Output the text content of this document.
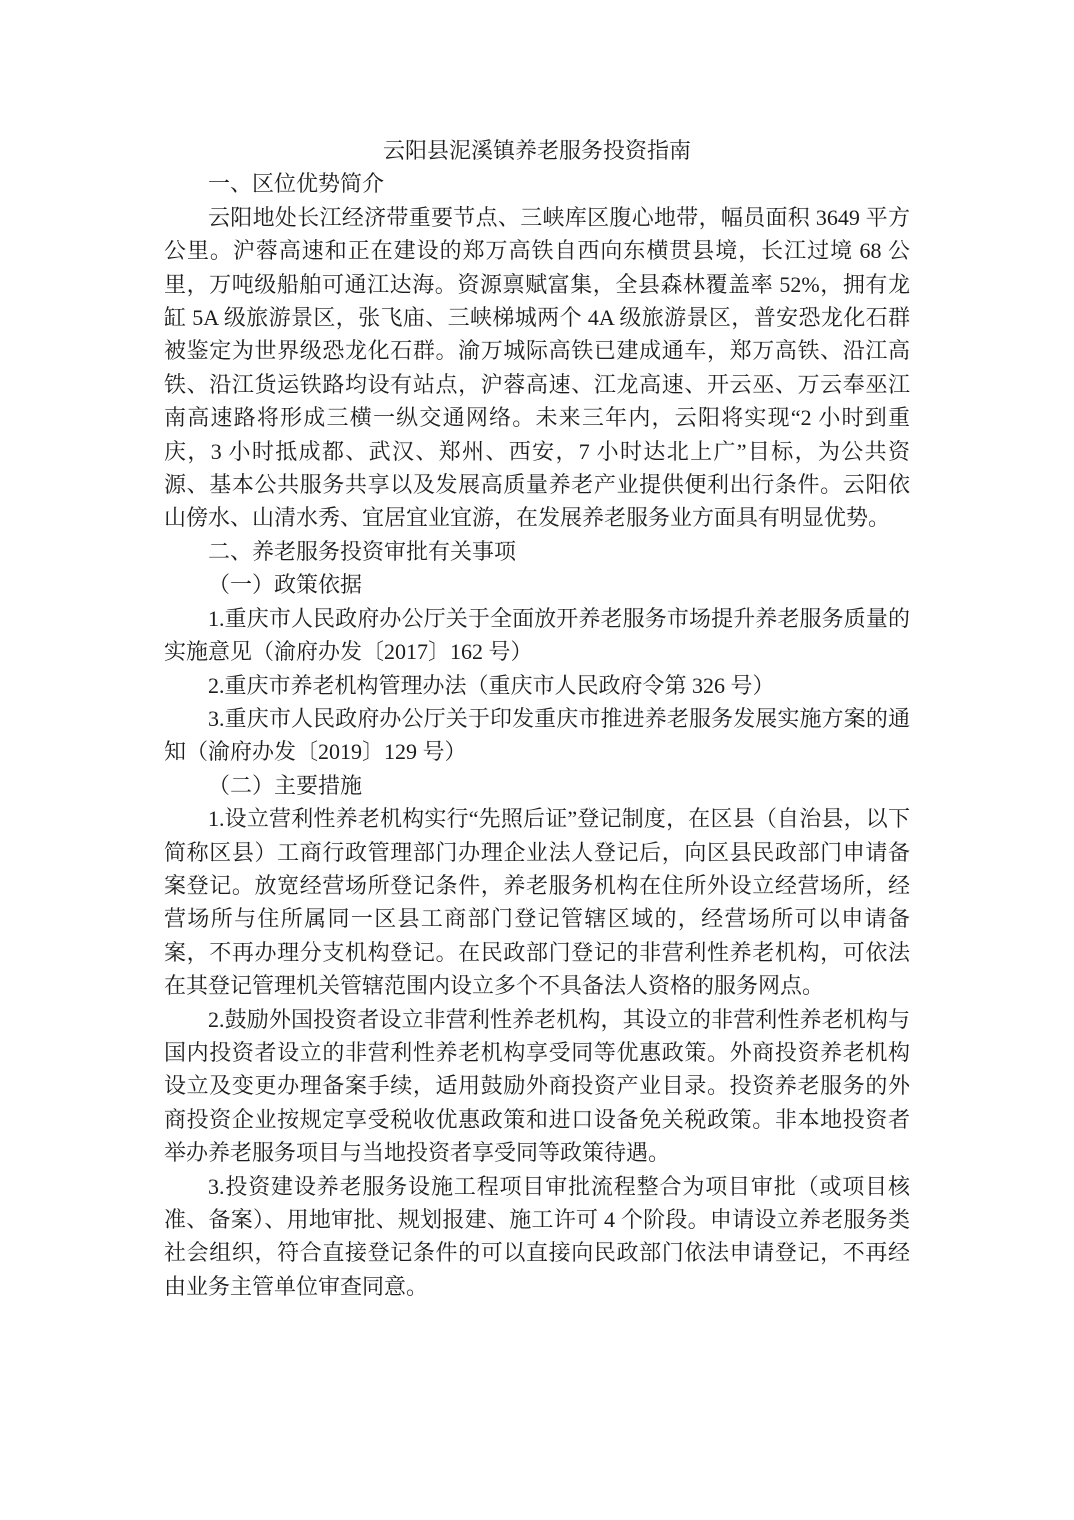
云阳县泥溪镇养老服务投资指南

一、区位优势简介

云阳地处长江经济带重要节点、三峡库区腹心地带，幅员面积 3649 平方公里。沪蓉高速和正在建设的郑万高铁自西向东横贯县境，长江过境 68 公里，万吨级船舶可通江达海。资源禀赋富集，全县森林覆盖率 52%，拥有龙缸 5A 级旅游景区，张飞庙、三峡梯城两个 4A 级旅游景区，普安恐龙化石群被鉴定为世界级恐龙化石群。渝万城际高铁已建成通车，郑万高铁、沿江高铁、沿江货运铁路均设有站点，沪蓉高速、江龙高速、开云巫、万云奉巫江南高速路将形成三横一纵交通网络。未来三年内，云阳将实现“2 小时到重庆，3 小时抵成都、武汉、郑州、西安，7 小时达北上广”目标，为公共资源、基本公共服务共享以及发展高质量养老产业提供便利出行条件。云阳依山傍水、山清水秀、宜居宜业宜游，在发展养老服务业方面具有明显优势。

二、养老服务投资审批有关事项

（一）政策依据

1.重庆市人民政府办公厅关于全面放开养老服务市场提升养老服务质量的实施意见（渝府办发〔2017〕162 号）

2.重庆市养老机构管理办法（重庆市人民政府令第 326 号）

3.重庆市人民政府办公厅关于印发重庆市推进养老服务发展实施方案的通知（渝府办发〔2019〕129 号）

（二）主要措施

1.设立营利性养老机构实行“先照后证”登记制度，在区县（自治县，以下简称区县）工商行政管理部门办理企业法人登记后，向区县民政部门申请备案登记。放宽经营场所登记条件，养老服务机构在住所外设立经营场所，经营场所与住所属同一区县工商部门登记管辖区域的，经营场所可以申请备案，不再办理分支机构登记。在民政部门登记的非营利性养老机构，可依法在其登记管理机关管辖范围内设立多个不具备法人资格的服务网点。

2.鼓励外国投资者设立非营利性养老机构，其设立的非营利性养老机构与国内投资者设立的非营利性养老机构享受同等优惠政策。外商投资养老机构设立及变更办理备案手续，适用鼓励外商投资产业目录。投资养老服务的外商投资企业按规定享受税收优惠政策和进口设备免关税政策。非本地投资者举办养老服务项目与当地投资者享受同等政策待遇。

3.投资建设养老服务设施工程项目审批流程整合为项目审批（或项目核准、备案）、用地审批、规划报建、施工许可 4 个阶段。申请设立养老服务类社会组织，符合直接登记条件的可以直接向民政部门依法申请登记，不再经由业务主管单位审查同意。
